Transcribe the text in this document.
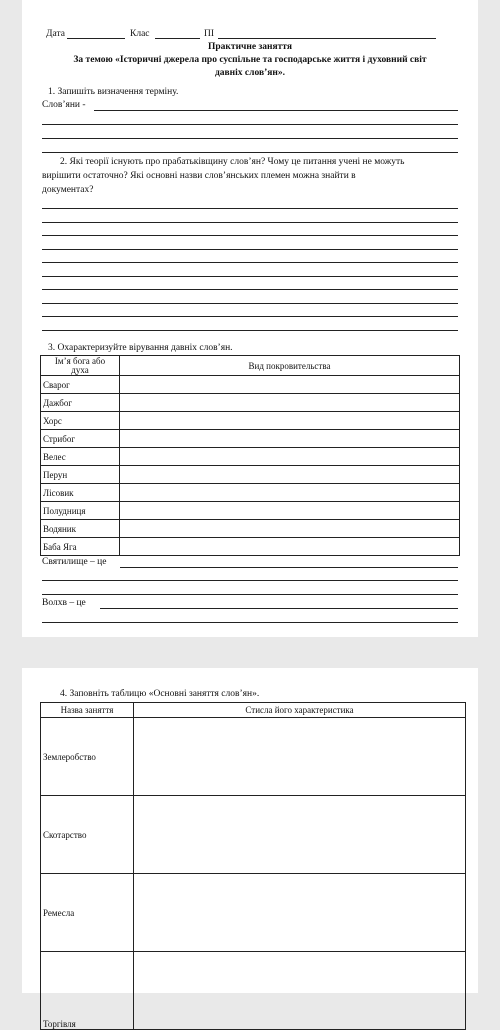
Дата	Клас	ПІ
Практичне заняття
За темою «Історичні джерела про суспільне та господарське життя і духовний світ
давніх слов’ян».
1. Запишіть визначення терміну.
Слов’яни -
2. Які теорії існують про прабатьківщину слов’ян? Чому це питання учені не можуть
вирішити остаточно? Які основні назви слов’янських племен можна знайти в
документах?
3. Охарактеризуйте вірування давніх слов’ян.
Ім’я бога або
духа	Вид покровительства
Сварог	
Дажбог	
Хорс	
Стрибог	
Велес	
Перун	
Лісовик	
Полудниця	
Водяник	
Баба Яга	
Святилище – це
Волхв – це
4. Заповніть таблицю «Основні заняття слов’ян».
Назва заняття	Стисла його характеристика
Землеробство	
Скотарство	
Ремесла	
Торгівля	
